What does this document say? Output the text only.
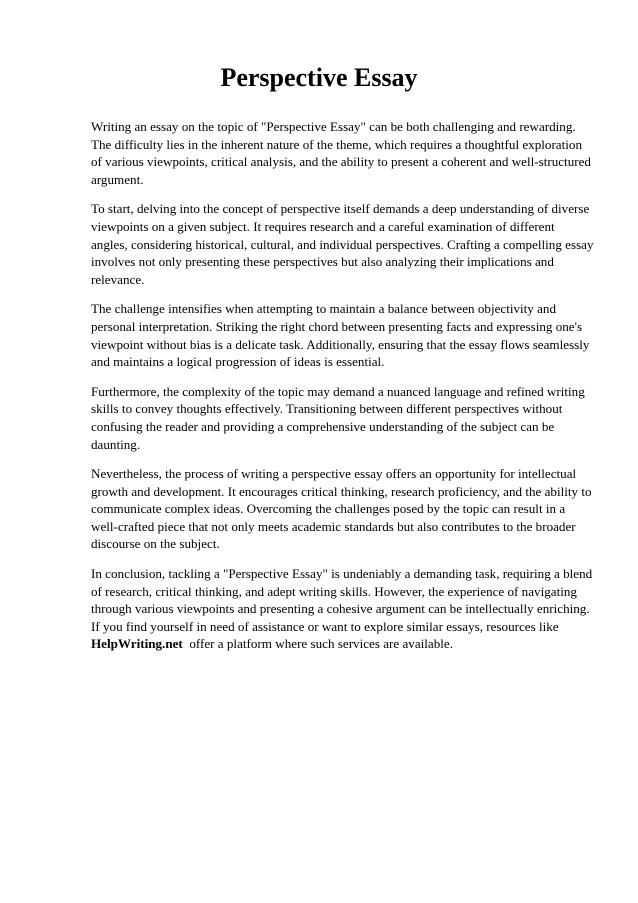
Perspective Essay

Writing an essay on the topic of "Perspective Essay" can be both challenging and rewarding. The difficulty lies in the inherent nature of the theme, which requires a thoughtful exploration of various viewpoints, critical analysis, and the ability to present a coherent and well-structured argument.

To start, delving into the concept of perspective itself demands a deep understanding of diverse viewpoints on a given subject. It requires research and a careful examination of different angles, considering historical, cultural, and individual perspectives. Crafting a compelling essay involves not only presenting these perspectives but also analyzing their implications and relevance.

The challenge intensifies when attempting to maintain a balance between objectivity and personal interpretation. Striking the right chord between presenting facts and expressing one's viewpoint without bias is a delicate task. Additionally, ensuring that the essay flows seamlessly and maintains a logical progression of ideas is essential.

Furthermore, the complexity of the topic may demand a nuanced language and refined writing skills to convey thoughts effectively. Transitioning between different perspectives without confusing the reader and providing a comprehensive understanding of the subject can be daunting.

Nevertheless, the process of writing a perspective essay offers an opportunity for intellectual growth and development. It encourages critical thinking, research proficiency, and the ability to communicate complex ideas. Overcoming the challenges posed by the topic can result in a well-crafted piece that not only meets academic standards but also contributes to the broader discourse on the subject.

In conclusion, tackling a "Perspective Essay" is undeniably a demanding task, requiring a blend of research, critical thinking, and adept writing skills. However, the experience of navigating through various viewpoints and presenting a cohesive argument can be intellectually enriching. If you find yourself in need of assistance or want to explore similar essays, resources like HelpWriting.net  offer a platform where such services are available.
